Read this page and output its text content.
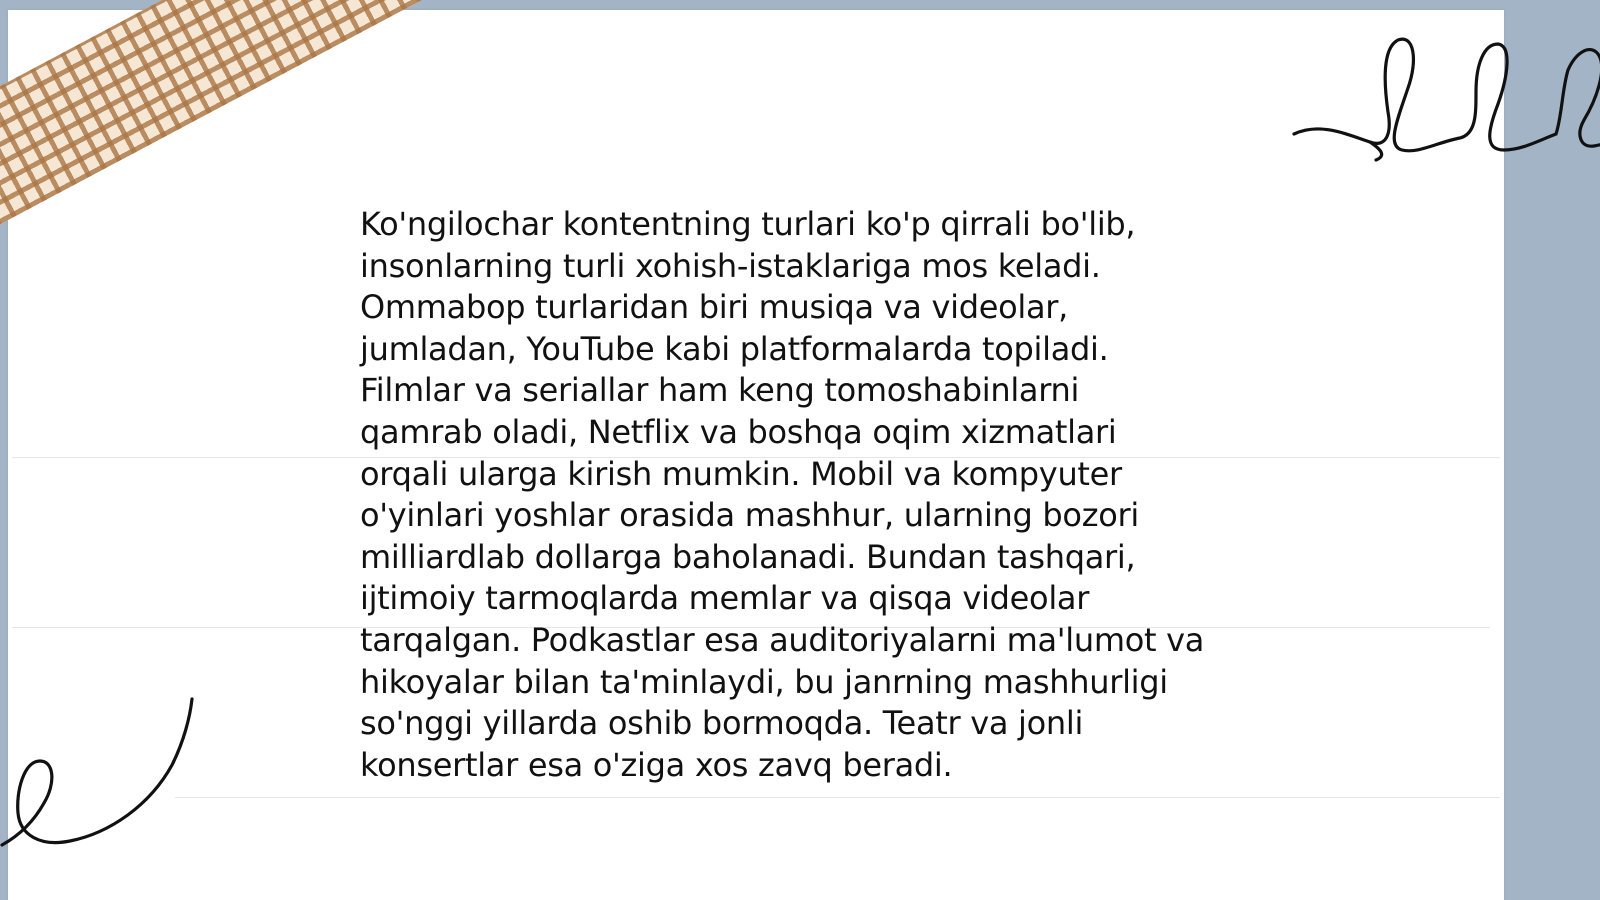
Ko'ngilochar kontentning turlari ko'p qirrali bo'lib,
insonlarning turli xohish-istaklariga mos keladi.
Ommabop turlaridan biri musiqa va videolar,
jumladan, YouTube kabi platformalarda topiladi.
Filmlar va seriallar ham keng tomoshabinlarni
qamrab oladi, Netflix va boshqa oqim xizmatlari
orqali ularga kirish mumkin. Mobil va kompyuter
o'yinlari yoshlar orasida mashhur, ularning bozori
milliardlab dollarga baholanadi. Bundan tashqari,
ijtimoiy tarmoqlarda memlar va qisqa videolar
tarqalgan. Podkastlar esa auditoriyalarni ma'lumot va
hikoyalar bilan ta'minlaydi, bu janrning mashhurligi
so'nggi yillarda oshib bormoqda. Teatr va jonli
konsertlar esa o'ziga xos zavq beradi.
